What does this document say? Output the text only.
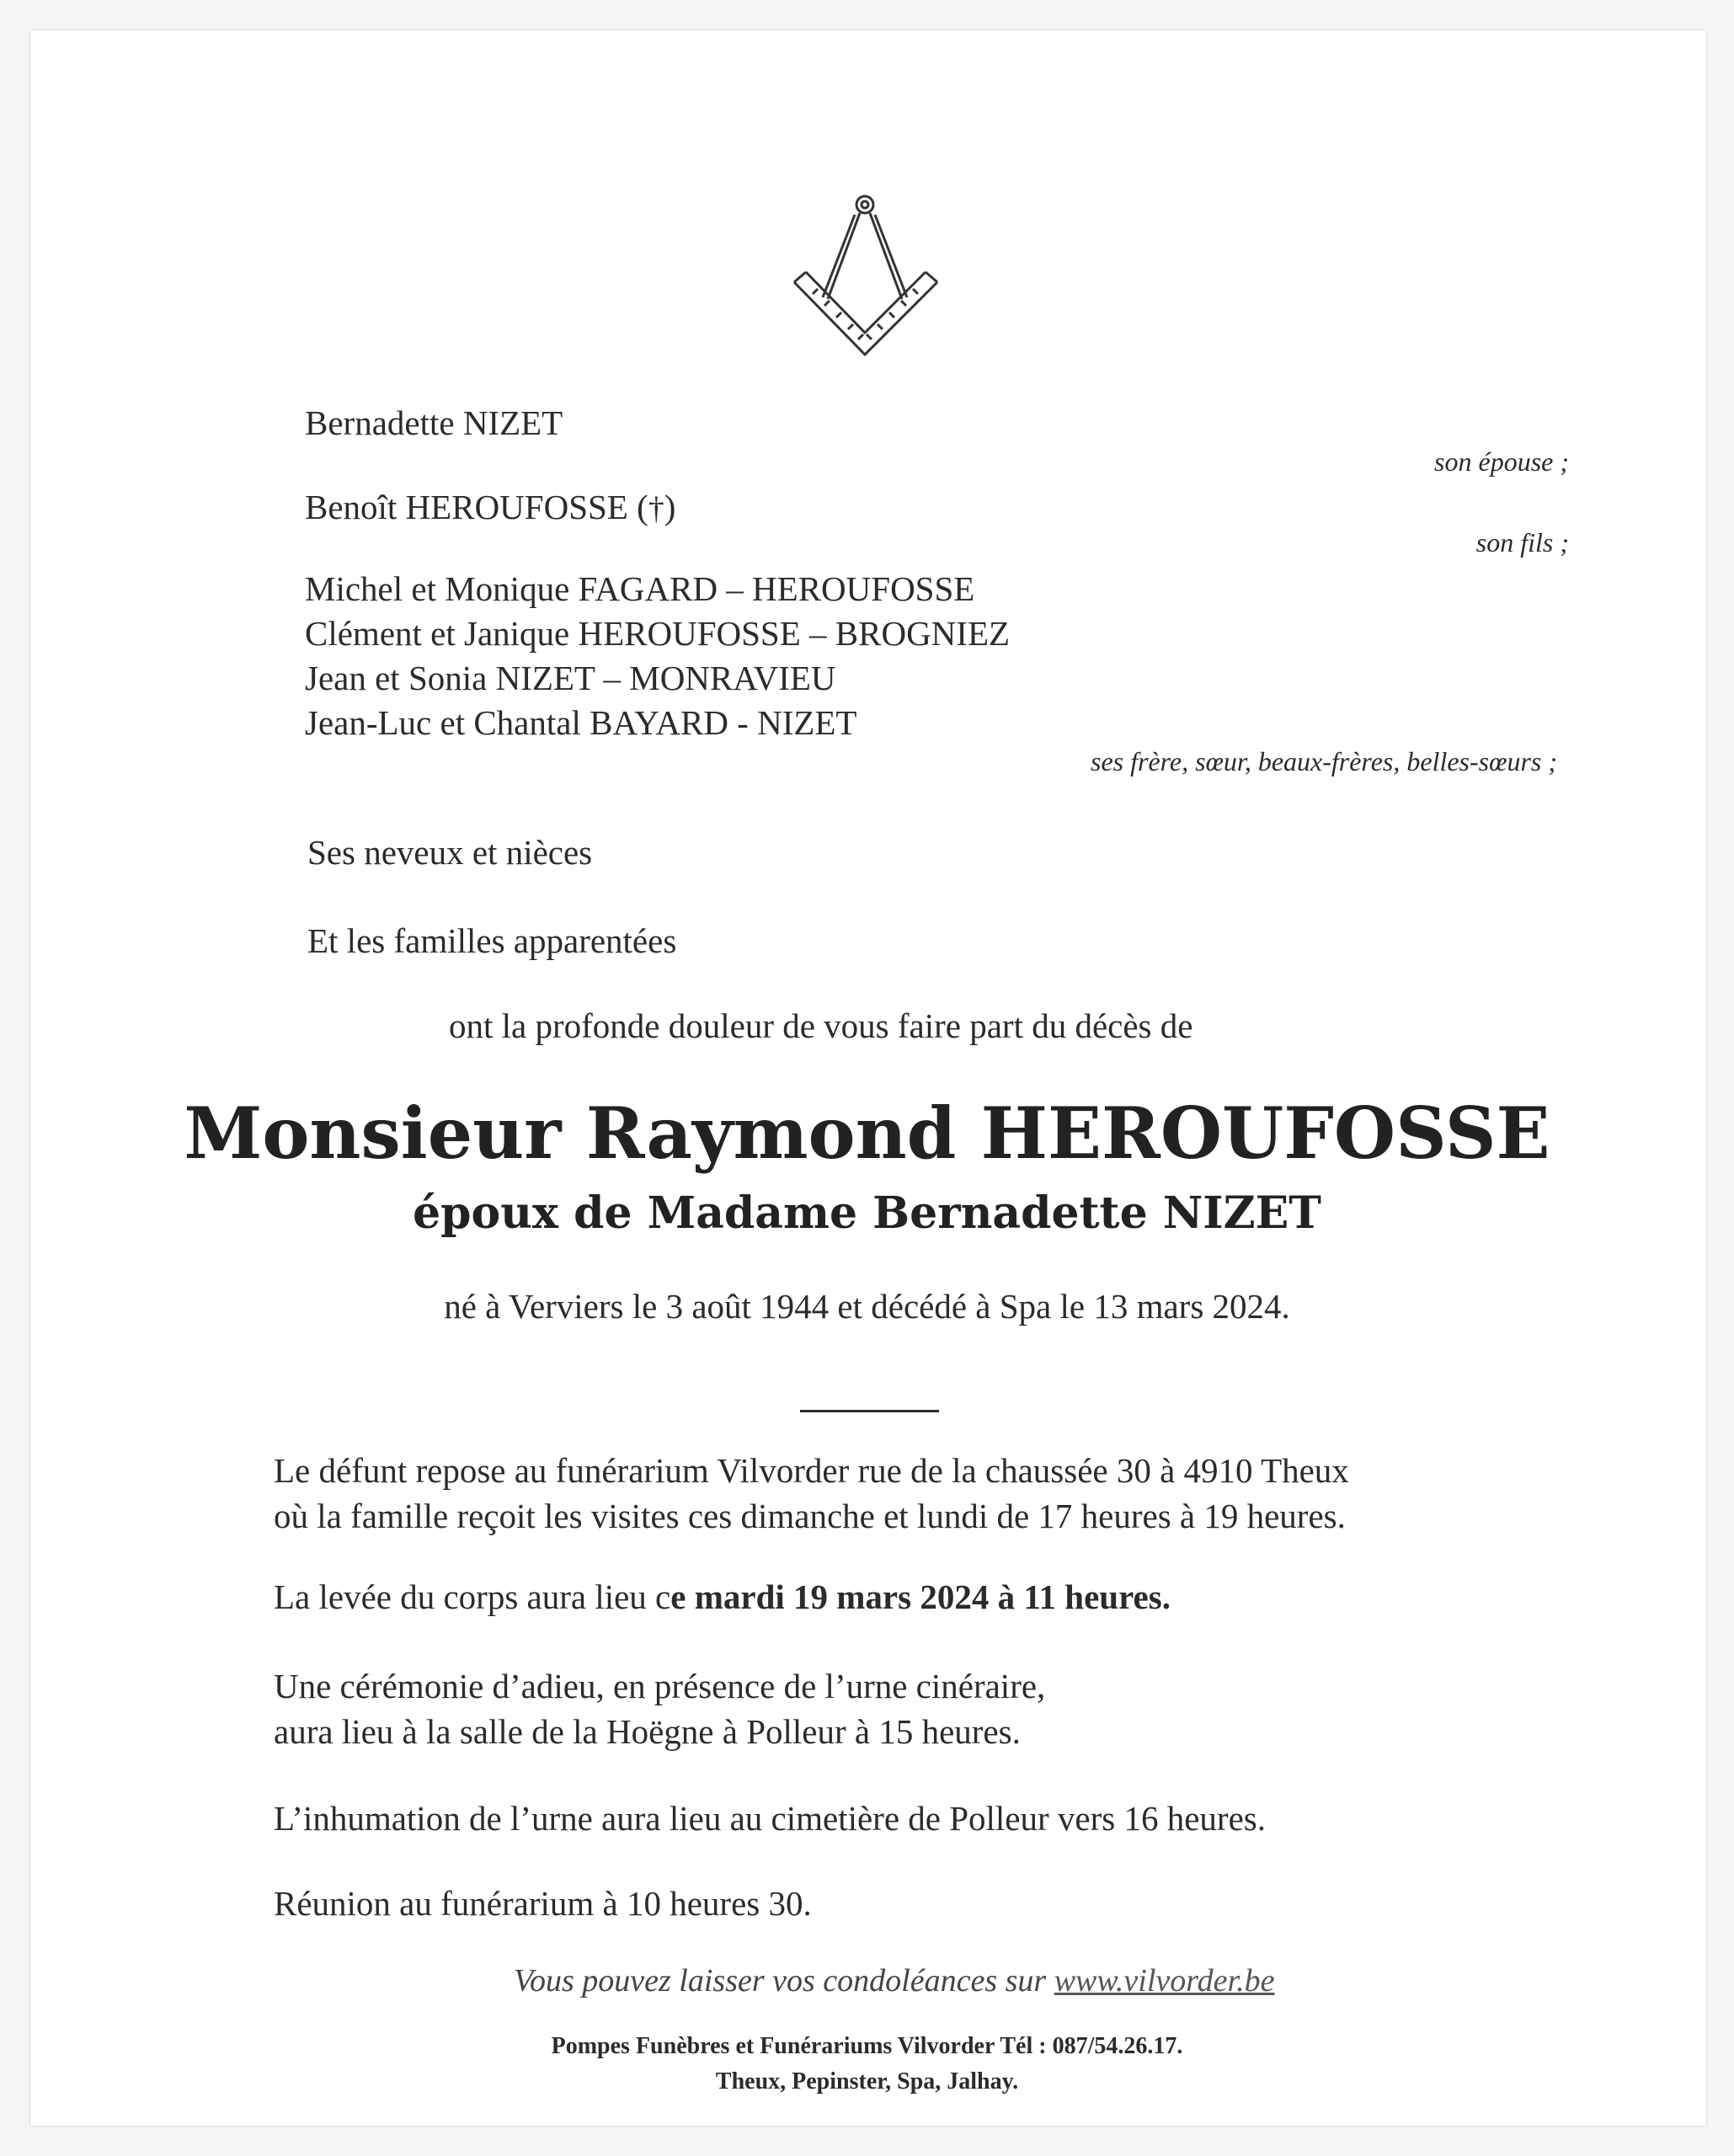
Bernadette NIZET
son épouse ;
Benoît HEROUFOSSE (†)
son fils ;
Michel et Monique FAGARD – HEROUFOSSE
Clément et Janique HEROUFOSSE – BROGNIEZ
Jean et Sonia NIZET – MONRAVIEU
Jean-Luc et Chantal BAYARD - NIZET
ses frère, sœur, beaux-frères, belles-sœurs ;
Ses neveux et nièces
Et les familles apparentées
ont la profonde douleur de vous faire part du décès de
Monsieur Raymond HEROUFOSSE
époux de Madame Bernadette NIZET
né à Verviers le 3 août 1944 et décédé à Spa le 13 mars 2024.
Le défunt repose au funérarium Vilvorder rue de la chaussée 30 à 4910 Theux
où la famille reçoit les visites ces dimanche et lundi de 17 heures à 19 heures.
La levée du corps aura lieu ce mardi 19 mars 2024 à 11 heures.
Une cérémonie d’adieu, en présence de l’urne cinéraire,
aura lieu à la salle de la Hoëgne à Polleur à 15 heures.
L’inhumation de l’urne aura lieu au cimetière de Polleur vers 16 heures.
Réunion au funérarium à 10 heures 30.
Vous pouvez laisser vos condoléances sur www.vilvorder.be
Pompes Funèbres et Funérariums Vilvorder Tél : 087/54.26.17.
Theux, Pepinster, Spa, Jalhay.
